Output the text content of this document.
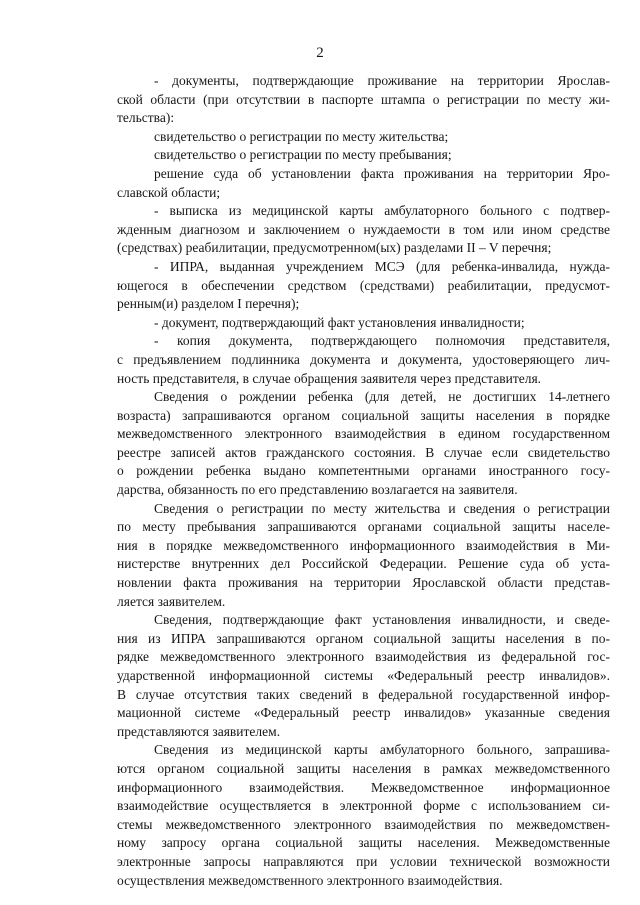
2
- документы, подтверждающие проживание на территории Ярослав-
ской области (при отсутствии в паспорте штампа о регистрации по месту жи-
тельства):
свидетельство о регистрации по месту жительства;
свидетельство о регистрации по месту пребывания;
решение суда об установлении факта проживания на территории Яро-
славской области;
- выписка из медицинской карты амбулаторного больного с подтвер-
жденным диагнозом и заключением о нуждаемости в том или ином средстве
(средствах) реабилитации, предусмотренном(ых) разделами II – V перечня;
- ИПРА, выданная учреждением МСЭ (для ребенка-инвалида, нужда-
ющегося в обеспечении средством (средствами) реабилитации, предусмот-
ренным(и) разделом I перечня);
- документ, подтверждающий факт установления инвалидности;
- копия документа, подтверждающего полномочия представителя,
с предъявлением подлинника документа и документа, удостоверяющего лич-
ность представителя, в случае обращения заявителя через представителя.
Сведения о рождении ребенка (для детей, не достигших 14-летнего
возраста) запрашиваются органом социальной защиты населения в порядке
межведомственного электронного взаимодействия в едином государственном
реестре записей актов гражданского состояния. В случае если свидетельство
о рождении ребенка выдано компетентными органами иностранного госу-
дарства, обязанность по его представлению возлагается на заявителя.
Сведения о регистрации по месту жительства и сведения о регистрации
по месту пребывания запрашиваются органами социальной защиты населе-
ния в порядке межведомственного информационного взаимодействия в Ми-
нистерстве внутренних дел Российской Федерации. Решение суда об уста-
новлении факта проживания на территории Ярославской области представ-
ляется заявителем.
Сведения, подтверждающие факт установления инвалидности, и сведе-
ния из ИПРА запрашиваются органом социальной защиты населения в по-
рядке межведомственного электронного взаимодействия из федеральной гос-
ударственной информационной системы «Федеральный реестр инвалидов».
В случае отсутствия таких сведений в федеральной государственной инфор-
мационной системе «Федеральный реестр инвалидов» указанные сведения
представляются заявителем.
Сведения из медицинской карты амбулаторного больного, запрашива-
ются органом социальной защиты населения в рамках межведомственного
информационного взаимодействия. Межведомственное информационное
взаимодействие осуществляется в электронной форме с использованием си-
стемы межведомственного электронного взаимодействия по межведомствен-
ному запросу органа социальной защиты населения. Межведомственные
электронные запросы направляются при условии технической возможности
осуществления межведомственного электронного взаимодействия.
